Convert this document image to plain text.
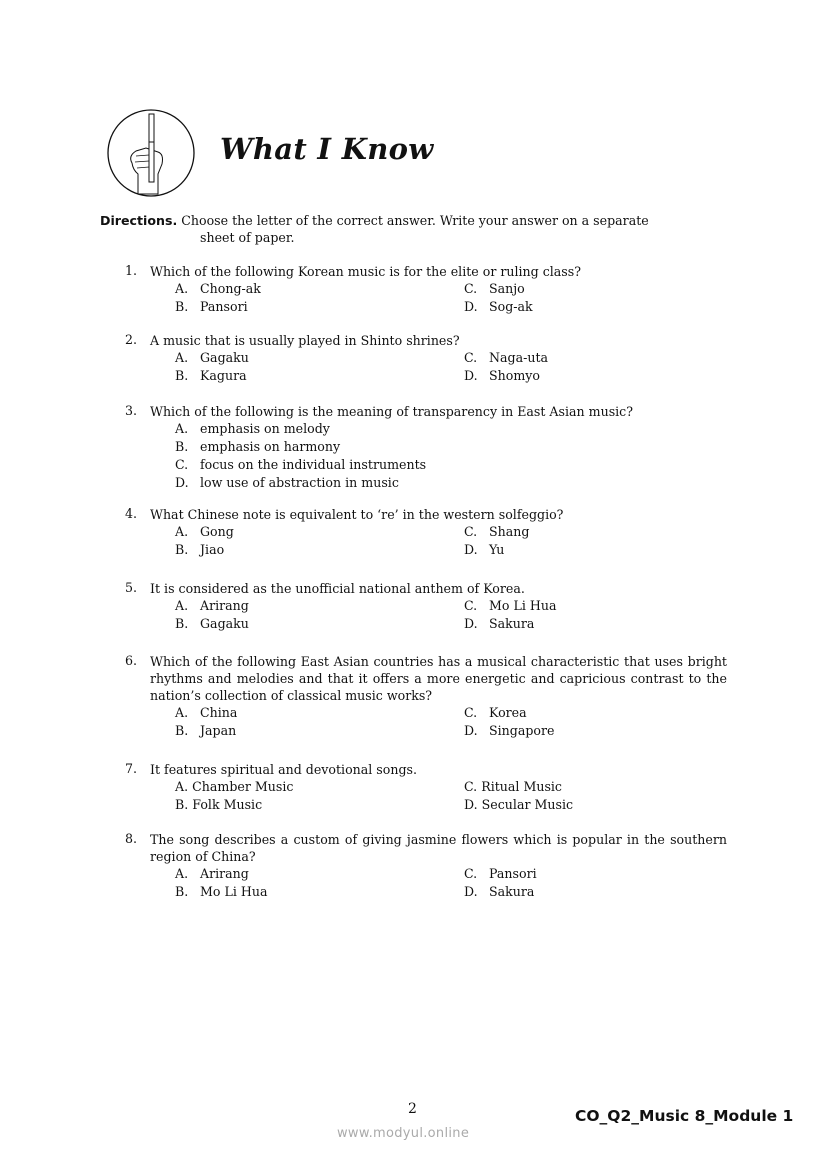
What I Know
Directions. Choose the letter of the correct answer. Write your answer on a separate
sheet of paper.
1. Which of the following Korean music is for the elite or ruling class?
A. Chong-ak	C. Sanjo
B. Pansori	D. Sog-ak
2. A music that is usually played in Shinto shrines?
A. Gagaku	C. Naga-uta
B. Kagura	D. Shomyo
3. Which of the following is the meaning of transparency in East Asian music?
A. emphasis on melody
B. emphasis on harmony
C. focus on the individual instruments
D. low use of abstraction in music
4. What Chinese note is equivalent to ‘re’ in the western solfeggio?
A. Gong	C. Shang
B. Jiao	D. Yu
5. It is considered as the unofficial national anthem of Korea.
A. Arirang	C. Mo Li Hua
B. Gagaku	D. Sakura
6. Which of the following East Asian countries has a musical characteristic that uses bright rhythms and melodies and that it offers a more energetic and capricious contrast to the nation’s collection of classical music works?
A. China	C. Korea
B. Japan	D. Singapore
7. It features spiritual and devotional songs.
A. Chamber Music	C. Ritual Music
B. Folk Music	D. Secular Music
8. The song describes a custom of giving jasmine flowers which is popular in the southern region of China?
A. Arirang	C. Pansori
B. Mo Li Hua	D. Sakura
2	CO_Q2_Music 8_Module 1
www.modyul.online
